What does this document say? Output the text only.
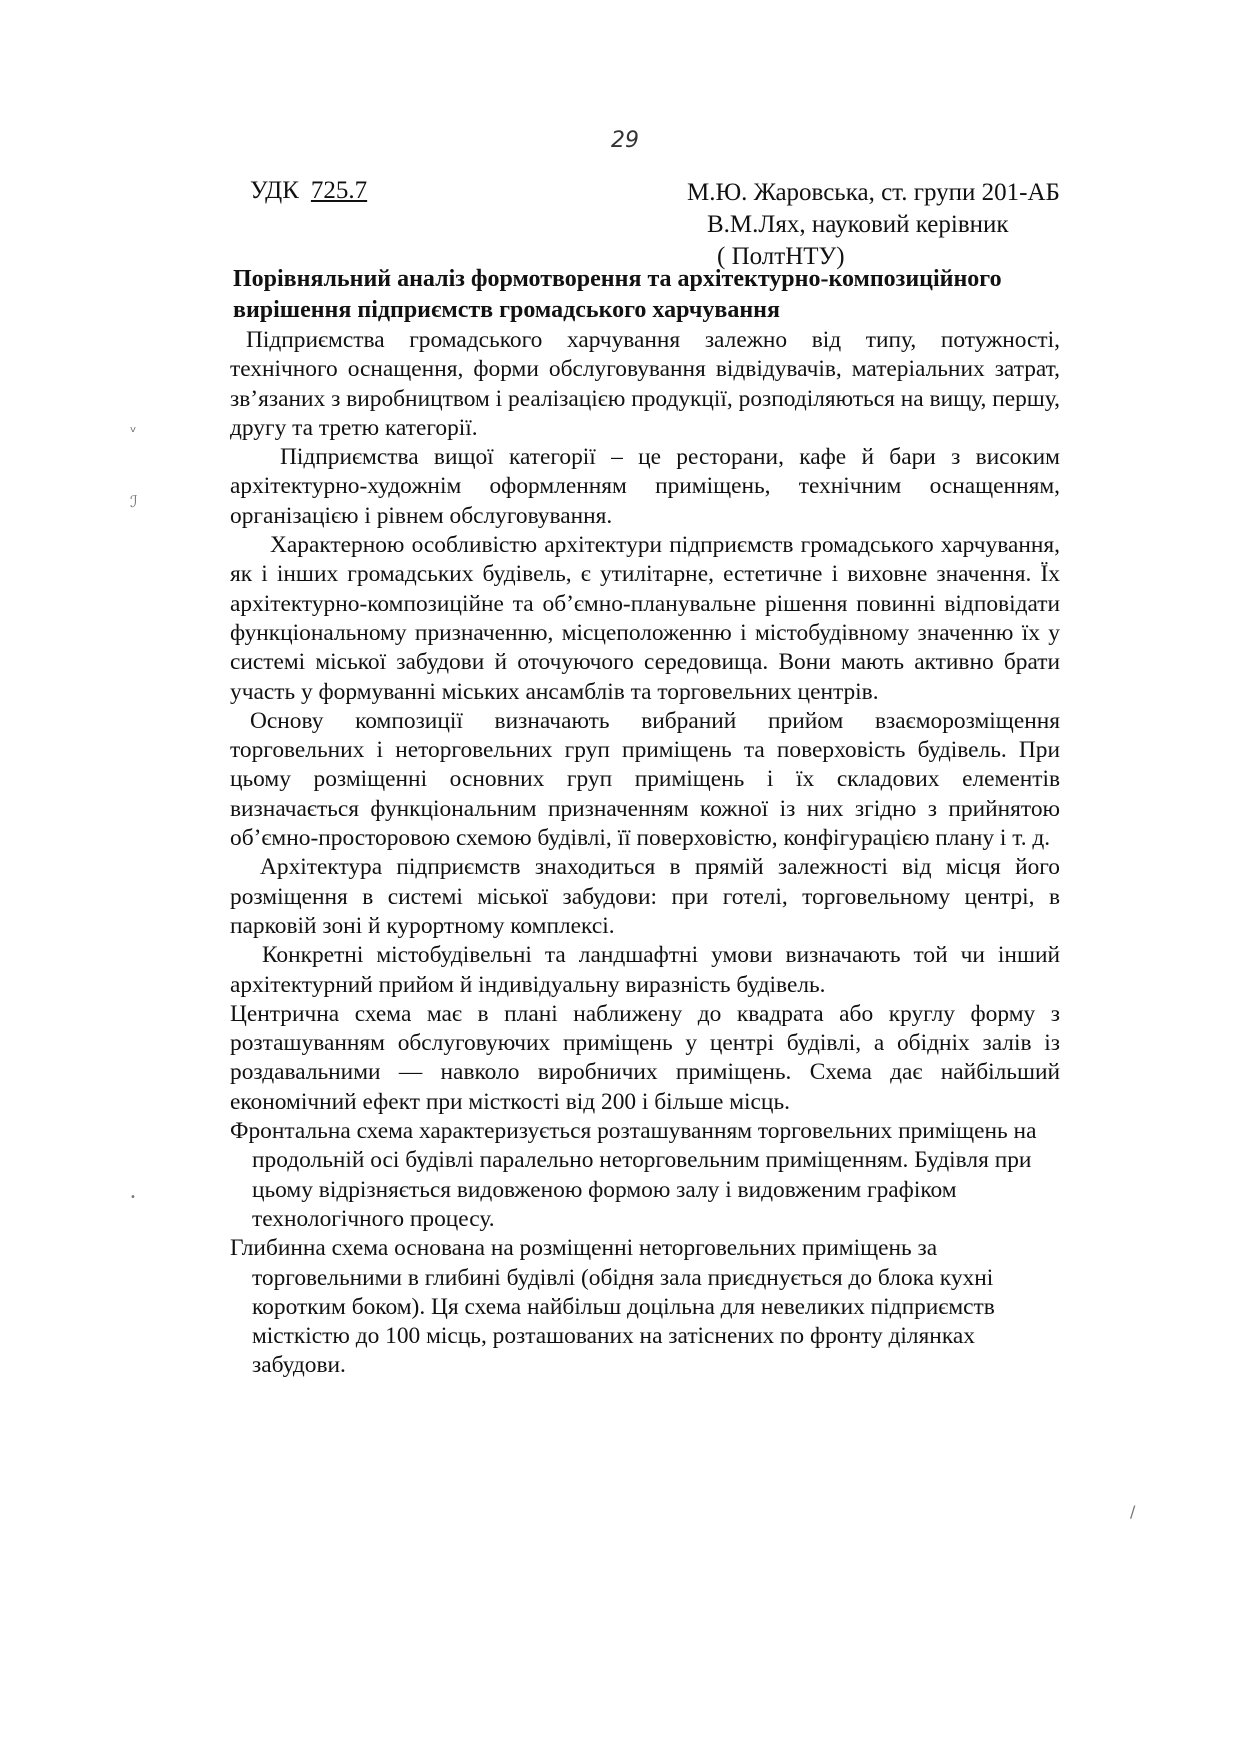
29
УДК 725.7	М.Ю. Жаровська, ст. групи 201-АБ
В.М.Лях, науковий керівник
( ПолтНТУ)
Порівняльний аналіз формотворення та архітектурно-композиційного вирішення підприємств громадського харчування

Підприємства громадського харчування залежно від типу, потужності, технічного оснащення, форми обслуговування відвідувачів, матеріальних затрат, зв’язаних з виробництвом і реалізацією продукції, розподіляються на вищу, першу, другу та третю категорії.

Підприємства вищої категорії – це ресторани, кафе й бари з високим архітектурно-художнім оформленням приміщень, технічним оснащенням, організацією і рівнем обслуговування.

Характерною особливістю архітектури підприємств громадського харчування, як і інших громадських будівель, є утилітарне, естетичне і виховне значення. Їх архітектурно-композиційне та об’ємно-планувальне рішення повинні відповідати функціональному призначенню, місцеположенню і містобудівному значенню їх у системі міської забудови й оточуючого середовища. Вони мають активно брати участь у формуванні міських ансамблів та торговельних центрів.

Основу композиції визначають вибраний прийом взаєморозміщення торговельних і неторговельних груп приміщень та поверховість будівель. При цьому розміщенні основних груп приміщень і їх складових елементів визначається функціональним призначенням кожної із них згідно з прийнятою об’ємно-просторовою схемою будівлі, її поверховістю, конфігурацією плану і т. д.

Архітектура підприємств знаходиться в прямій залежності від місця його розміщення в системі міської забудови: при готелі, торговельному центрі, в парковій зоні й курортному комплексі.

Конкретні містобудівельні та ландшафтні умови визначають той чи інший архітектурний прийом й індивідуальну виразність будівель.

Центрична схема має в плані наближену до квадрата або круглу форму з розташуванням обслуговуючих приміщень у центрі будівлі, а обідніх залів із роздавальними — навколо виробничих приміщень. Схема дає найбільший економічний ефект при місткості від 200 і більше місць.

Фронтальна схема характеризується розташуванням торговельних приміщень на продольній осі будівлі паралельно неторговельним приміщенням. Будівля при цьому відрізняється видовженою формою залу і видовженим графіком технологічного процесу.

Глибинна схема основана на розміщенні неторговельних приміщень за торговельними в глибині будівлі (обідня зала приєднується до блока кухні коротким боком). Ця схема найбільш доцільна для невеликих підприємств місткістю до 100 місць, розташованих на затіснених по фронту ділянках забудови.

ᵥ
ℐ
•
/
